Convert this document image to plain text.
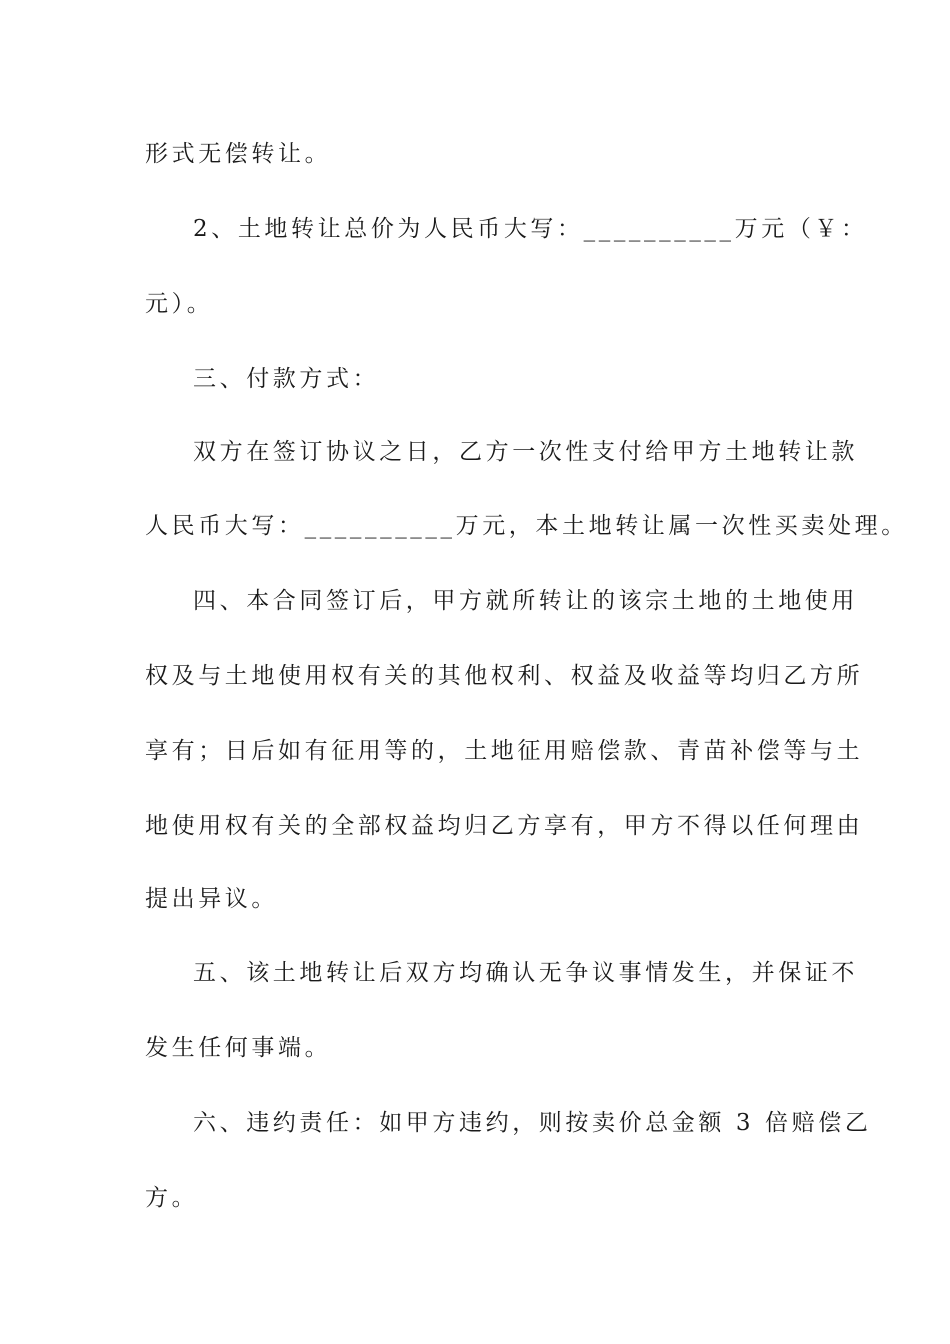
形式无偿转让。
2、土地转让总价为人民币大写：__________万元（￥：
元）。
三、付款方式：
双方在签订协议之日，乙方一次性支付给甲方土地转让款
人民币大写：__________万元，本土地转让属一次性买卖处理。
四、本合同签订后，甲方就所转让的该宗土地的土地使用
权及与土地使用权有关的其他权利、权益及收益等均归乙方所
享有；日后如有征用等的，土地征用赔偿款、青苗补偿等与土
地使用权有关的全部权益均归乙方享有，甲方不得以任何理由
提出异议。
五、该土地转让后双方均确认无争议事情发生，并保证不
发生任何事端。
六、违约责任：如甲方违约，则按卖价总金额 3 倍赔偿乙
方。
